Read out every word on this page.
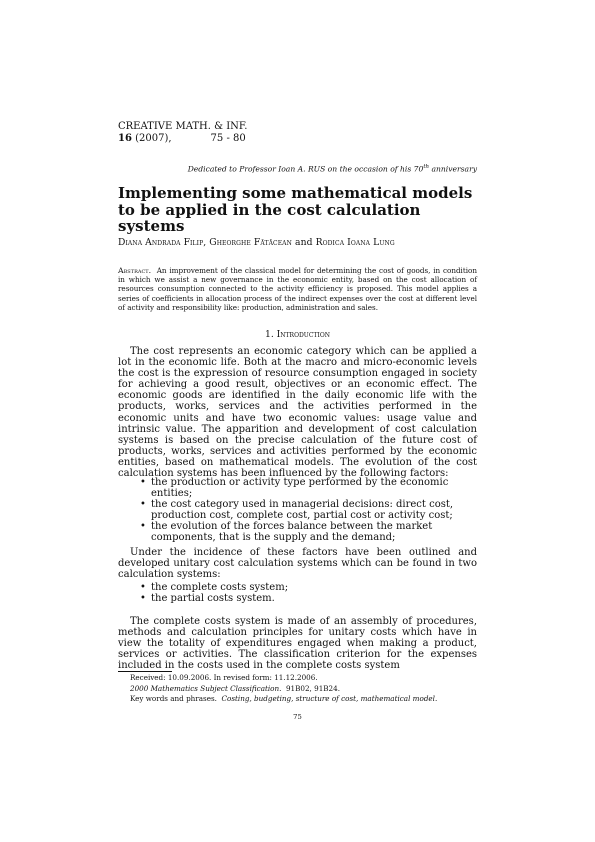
CREATIVE MATH. & INF.
16 (2007),	75 - 80
Dedicated to Professor Ioan A. RUS on the occasion of his 70th anniversary
Implementing some mathematical models to be applied in the cost calculation systems
Diana Andrada Filip, Gheorghe Fătăcean and Rodica Ioana Lung
Abstract. An improvement of the classical model for determining the cost of goods, in condition in which we assist a new governance in the economic entity, based on the cost allocation of resources consumption connected to the activity efficiency is proposed. This model applies a series of coefficients in allocation process of the indirect expenses over the cost at different level of activity and responsibility like: production, administration and sales.
1. Introduction

The cost represents an economic category which can be applied a lot in the economic life. Both at the macro and micro-economic levels the cost is the expression of resource consumption engaged in society for achieving a good result, objectives or an economic effect. The economic goods are identified in the daily economic life with the products, works, services and the activities performed in the economic units and have two economic values: usage value and intrinsic value. The apparition and development of cost calculation systems is based on the precise calculation of the future cost of products, works, services and activities performed by the economic entities, based on mathematical models. The evolution of the cost calculation systems has been influenced by the following factors:

• the production or activity type performed by the economic entities;
• the cost category used in managerial decisions: direct cost, production cost, complete cost, partial cost or activity cost;
• the evolution of the forces balance between the market components, that is the supply and the demand;

Under the incidence of these factors have been outlined and developed unitary cost calculation systems which can be found in two calculation systems:

• the complete costs system;
• the partial costs system.

The complete costs system is made of an assembly of procedures, methods and calculation principles for unitary costs which have in view the totality of expenditures engaged when making a product, services or activities. The classification criterion for the expenses included in the costs used in the complete costs system

Received: 10.09.2006. In revised form: 11.12.2006.
2000 Mathematics Subject Classification. 91B02, 91B24.
Key words and phrases. Costing, budgeting, structure of cost, mathematical model.
75
